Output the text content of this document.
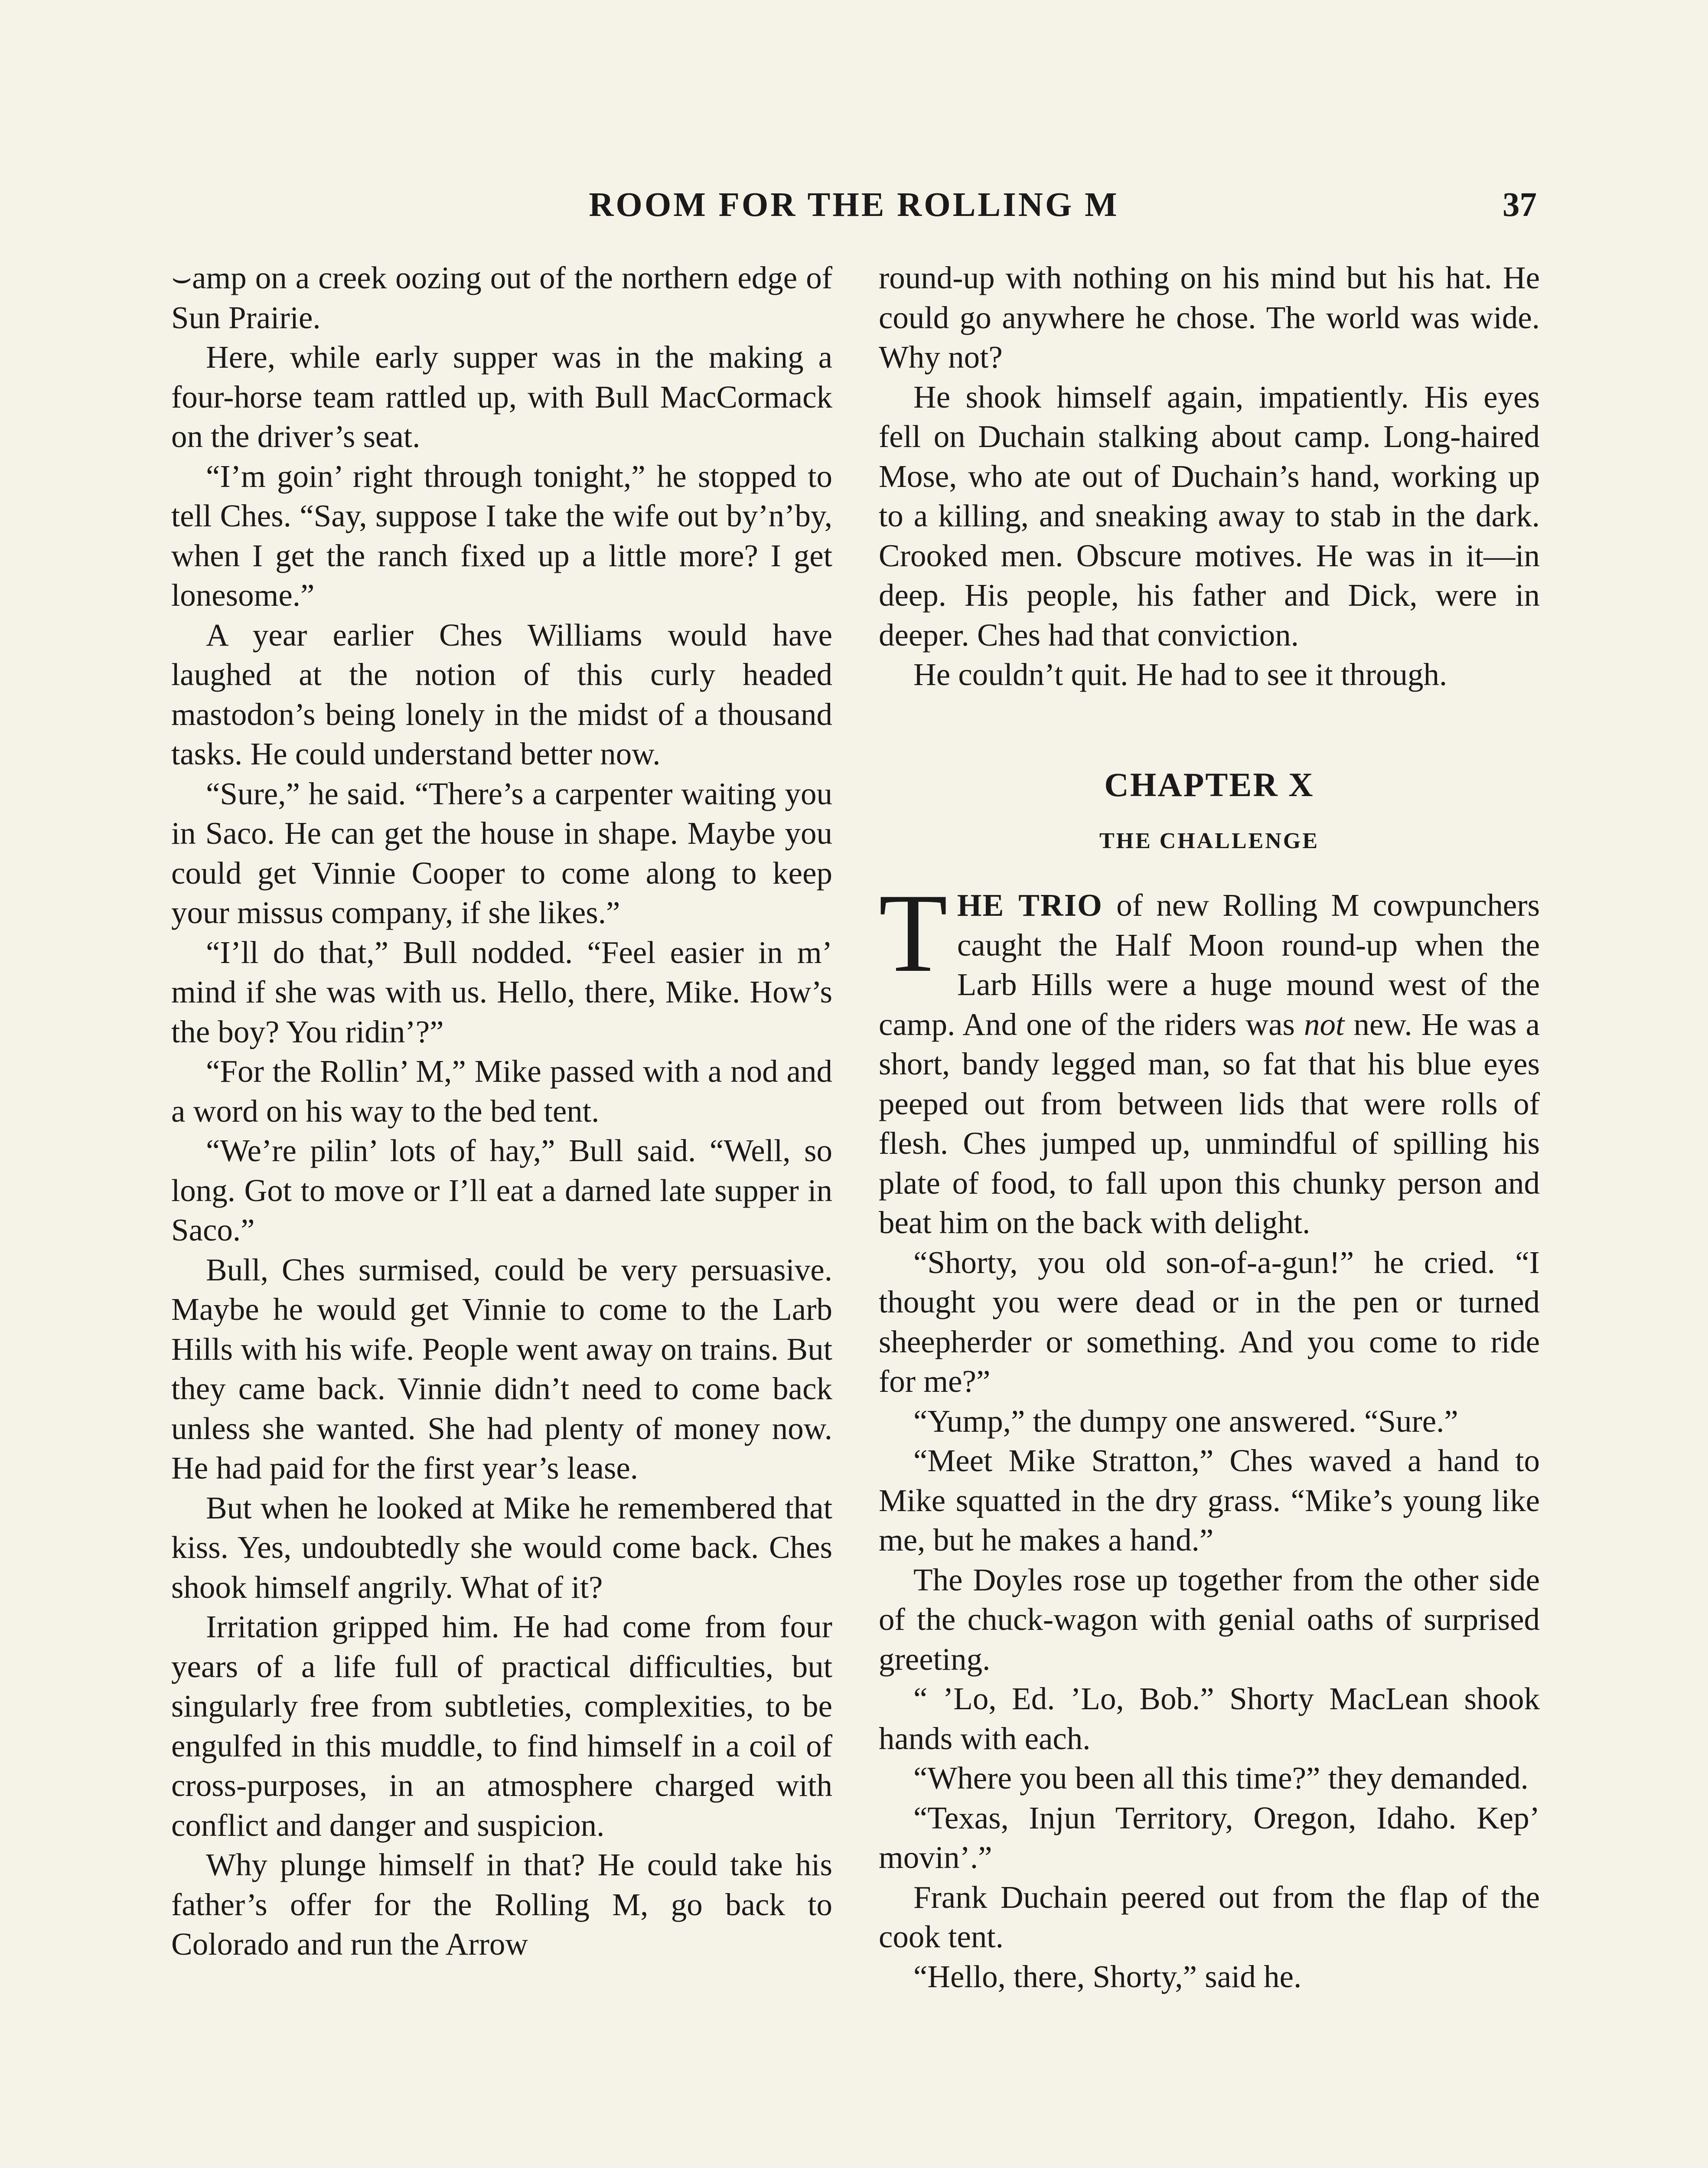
ROOM FOR THE ROLLING M	37

⌣amp on a creek oozing out of the northern edge of Sun Prairie.

Here, while early supper was in the making a four-horse team rattled up, with Bull MacCormack on the driver’s seat.

“I’m goin’ right through tonight,” he stopped to tell Ches. “Say, suppose I take the wife out by’n’by, when I get the ranch fixed up a little more? I get lonesome.”

A year earlier Ches Williams would have laughed at the notion of this curly headed mastodon’s being lonely in the midst of a thousand tasks. He could understand better now.

“Sure,” he said. “There’s a carpenter waiting you in Saco. He can get the house in shape. Maybe you could get Vinnie Cooper to come along to keep your missus company, if she likes.”

“I’ll do that,” Bull nodded. “Feel easier in m’ mind if she was with us. Hello, there, Mike. How’s the boy? You ridin’?”

“For the Rollin’ M,” Mike passed with a nod and a word on his way to the bed tent.

“We’re pilin’ lots of hay,” Bull said. “Well, so long. Got to move or I’ll eat a darned late supper in Saco.”

Bull, Ches surmised, could be very persuasive. Maybe he would get Vinnie to come to the Larb Hills with his wife. People went away on trains. But they came back. Vinnie didn’t need to come back unless she wanted. She had plenty of money now. He had paid for the first year’s lease.

But when he looked at Mike he remembered that kiss. Yes, undoubtedly she would come back. Ches shook himself angrily. What of it?

Irritation gripped him. He had come from four years of a life full of practical difficulties, but singularly free from subtleties, complexities, to be engulfed in this muddle, to find himself in a coil of cross-purposes, in an atmosphere charged with conflict and danger and suspicion.

Why plunge himself in that? He could take his father’s offer for the Rolling M, go back to Colorado and run the Arrow

round-up with nothing on his mind but his hat. He could go anywhere he chose. The world was wide. Why not?

He shook himself again, impatiently. His eyes fell on Duchain stalking about camp. Long-haired Mose, who ate out of Duchain’s hand, working up to a killing, and sneaking away to stab in the dark. Crooked men. Obscure motives. He was in it—in deep. His people, his father and Dick, were in deeper. Ches had that conviction.

He couldn’t quit. He had to see it through.

CHAPTER X
THE CHALLENGE

THE TRIO of new Rolling M cowpunchers caught the Half Moon round-up when the Larb Hills were a huge mound west of the camp. And one of the riders was not new. He was a short, bandy legged man, so fat that his blue eyes peeped out from between lids that were rolls of flesh. Ches jumped up, unmindful of spilling his plate of food, to fall upon this chunky person and beat him on the back with delight.

“Shorty, you old son-of-a-gun!” he cried. “I thought you were dead or in the pen or turned sheepherder or something. And you come to ride for me?”

“Yump,” the dumpy one answered. “Sure.”

“Meet Mike Stratton,” Ches waved a hand to Mike squatted in the dry grass. “Mike’s young like me, but he makes a hand.”

The Doyles rose up together from the other side of the chuck-wagon with genial oaths of surprised greeting.

“ ’Lo, Ed. ’Lo, Bob.” Shorty MacLean shook hands with each.

“Where you been all this time?” they demanded.

“Texas, Injun Territory, Oregon, Idaho. Kep’ movin’.”

Frank Duchain peered out from the flap of the cook tent.

“Hello, there, Shorty,” said he.
